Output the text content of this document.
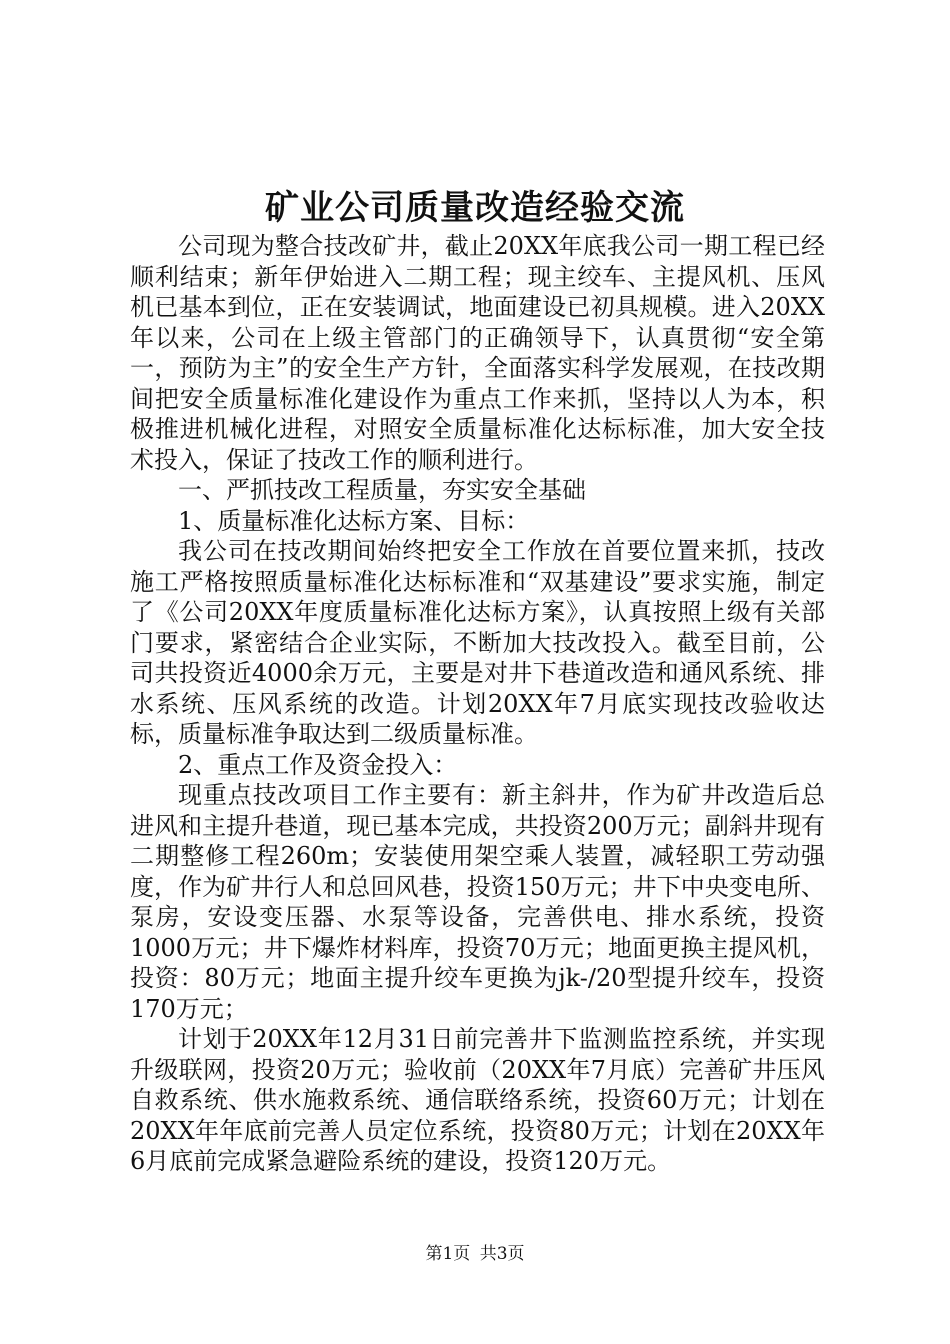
矿业公司质量改造经验交流

公司现为整合技改矿井，截止20XX年底我公司一期工程已经顺利结束；新年伊始进入二期工程；现主绞车、主提风机、压风机已基本到位，正在安装调试，地面建设已初具规模。进入20XX年以来，公司在上级主管部门的正确领导下，认真贯彻“安全第一，预防为主”的安全生产方针，全面落实科学发展观，在技改期间把安全质量标准化建设作为重点工作来抓，坚持以人为本，积极推进机械化进程，对照安全质量标准化达标标准，加大安全技术投入，保证了技改工作的顺利进行。

一、严抓技改工程质量，夯实安全基础

1、质量标准化达标方案、目标：

我公司在技改期间始终把安全工作放在首要位置来抓，技改施工严格按照质量标准化达标标准和“双基建设”要求实施，制定了《公司20XX年度质量标准化达标方案》，认真按照上级有关部门要求，紧密结合企业实际，不断加大技改投入。截至目前，公司共投资近4000余万元，主要是对井下巷道改造和通风系统、排水系统、压风系统的改造。计划20XX年7月底实现技改验收达标，质量标准争取达到二级质量标准。

2、重点工作及资金投入：

现重点技改项目工作主要有：新主斜井，作为矿井改造后总进风和主提升巷道，现已基本完成，共投资200万元；副斜井现有二期整修工程260m；安装使用架空乘人装置，减轻职工劳动强度，作为矿井行人和总回风巷，投资150万元；井下中央变电所、泵房，安设变压器、水泵等设备，完善供电、排水系统，投资1000万元；井下爆炸材料库，投资70万元；地面更换主提风机，投资：80万元；地面主提升绞车更换为jk-/20型提升绞车，投资170万元；

计划于20XX年12月31日前完善井下监测监控系统，并实现升级联网，投资20万元；验收前（20XX年7月底）完善矿井压风自救系统、供水施救系统、通信联络系统，投资60万元；计划在20XX年年底前完善人员定位系统，投资80万元；计划在20XX年6月底前完成紧急避险系统的建设，投资120万元。

第1页 共3页
